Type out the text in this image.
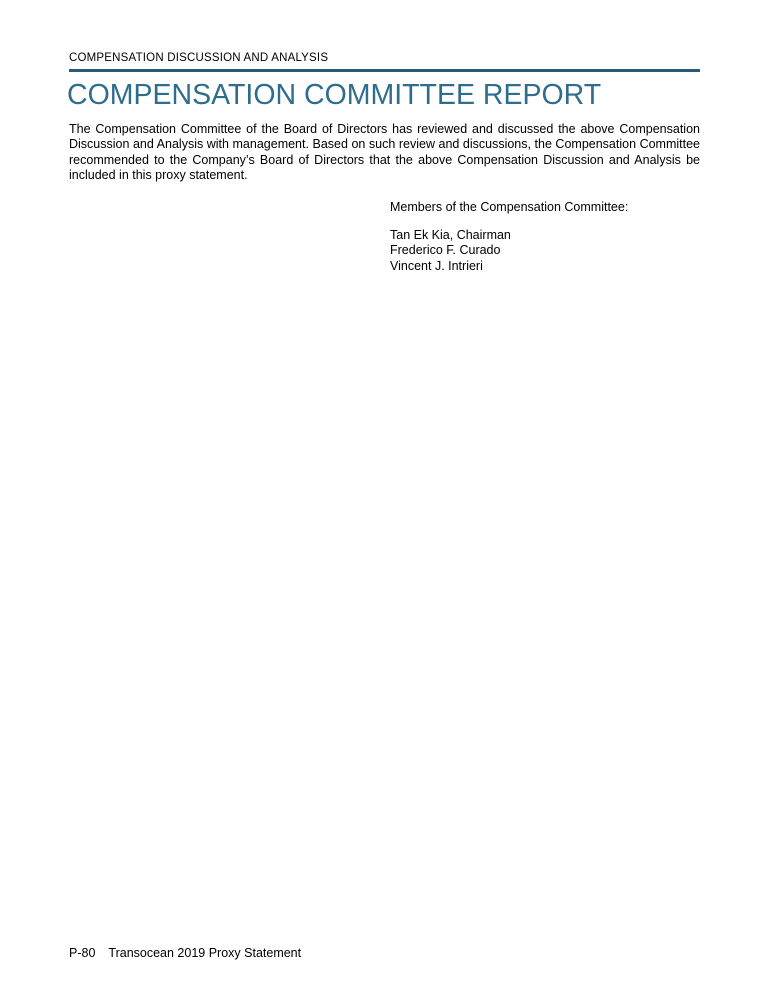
COMPENSATION DISCUSSION AND ANALYSIS
COMPENSATION COMMITTEE REPORT

The Compensation Committee of the Board of Directors has reviewed and discussed the above Compensation Discussion and Analysis with management. Based on such review and discussions, the Compensation Committee recommended to the Company’s Board of Directors that the above Compensation Discussion and Analysis be included in this proxy statement.

Members of the Compensation Committee:
Tan Ek Kia, Chairman
Frederico F. Curado
Vincent J. Intrieri
P-80 Transocean 2019 Proxy Statement
